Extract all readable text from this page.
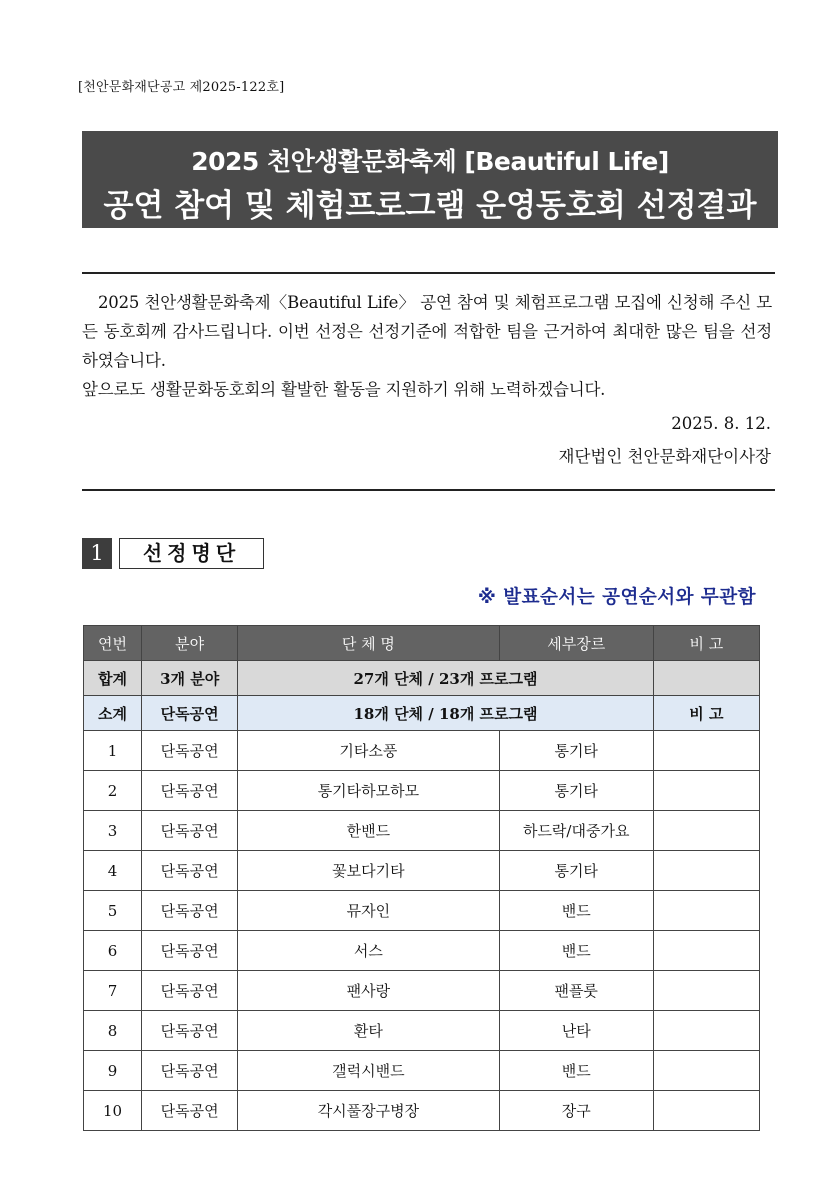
[천안문화재단공고 제2025-122호]
2025 천안생활문화축제 [Beautiful Life]
공연 참여 및 체험프로그램 운영동호회 선정결과

2025 천안생활문화축제〈Beautiful Life〉 공연 참여 및 체험프로그램 모집에 신청해 주신 모든 동호회께 감사드립니다. 이번 선정은 선정기준에 적합한 팀을 근거하여 최대한 많은 팀을 선정하였습니다.

앞으로도 생활문화동호회의 활발한 활동을 지원하기 위해 노력하겠습니다.

2025. 8. 12.
재단법인 천안문화재단이사장
1	선정명단
※ 발표순서는 공연순서와 무관함
연번	분야	단 체 명	세부장르	비 고
합계	3개 분야	27개 단체 / 23개 프로그램		
소계	단독공연	18개 단체 / 18개 프로그램		비 고
1	단독공연	기타소풍	통기타	
2	단독공연	통기타하모하모	통기타	
3	단독공연	한밴드	하드락/대중가요	
4	단독공연	꽃보다기타	통기타	
5	단독공연	뮤자인	밴드	
6	단독공연	서스	밴드	
7	단독공연	팬사랑	팬플룻	
8	단독공연	환타	난타	
9	단독공연	갤럭시밴드	밴드	
10	단독공연	각시풀장구병장	장구	
